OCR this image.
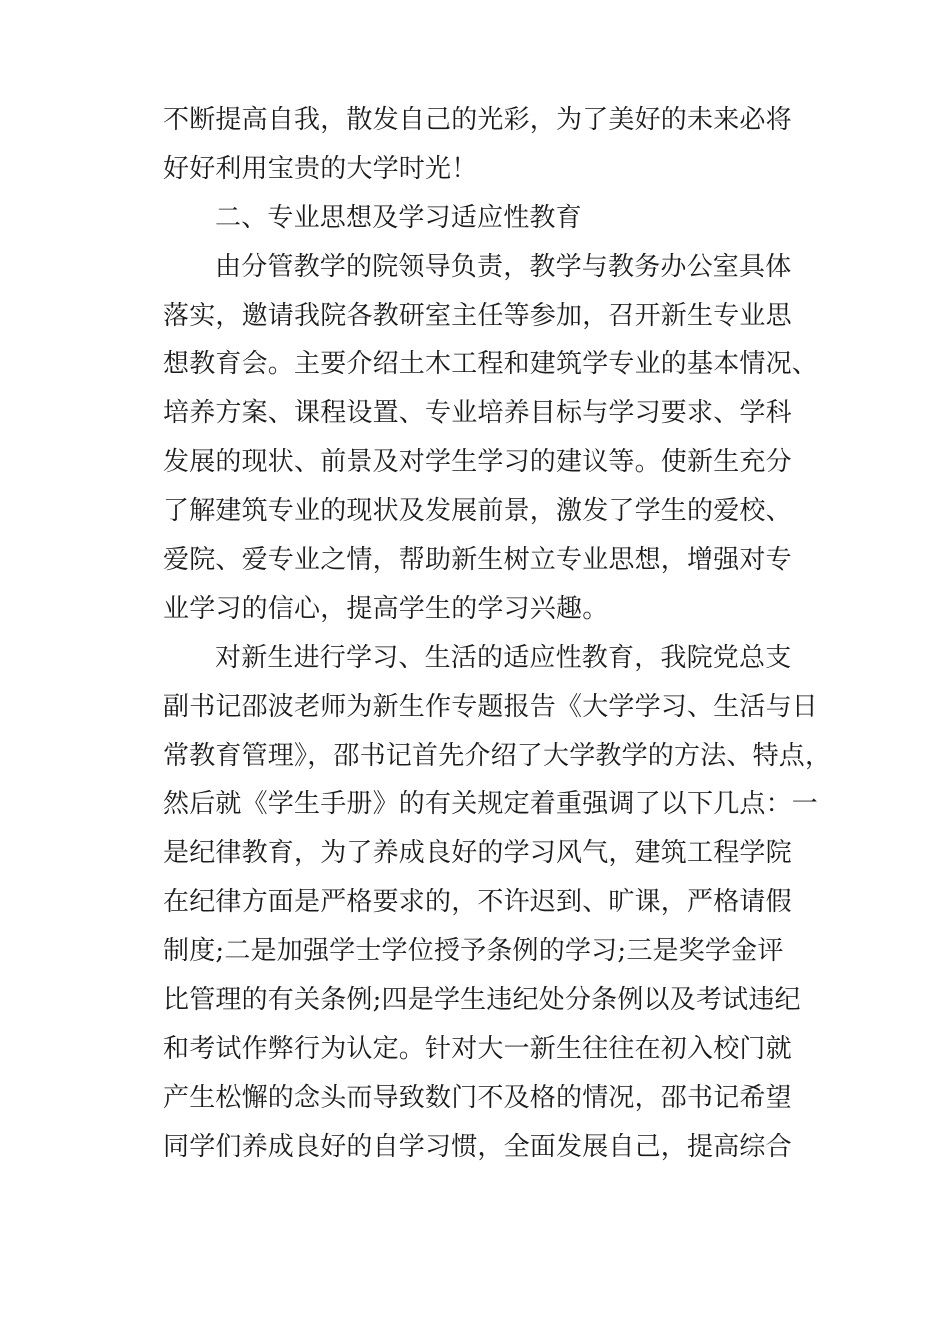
不断提高自我，散发自己的光彩，为了美好的未来必将
好好利用宝贵的大学时光！
二、专业思想及学习适应性教育
由分管教学的院领导负责，教学与教务办公室具体
落实，邀请我院各教研室主任等参加，召开新生专业思
想教育会。主要介绍土木工程和建筑学专业的基本情况、
培养方案、课程设置、专业培养目标与学习要求、学科
发展的现状、前景及对学生学习的建议等。使新生充分
了解建筑专业的现状及发展前景，激发了学生的爱校、
爱院、爱专业之情，帮助新生树立专业思想，增强对专
业学习的信心，提高学生的学习兴趣。
对新生进行学习、生活的适应性教育，我院党总支
副书记邵波老师为新生作专题报告《大学学习、生活与日
常教育管理》，邵书记首先介绍了大学教学的方法、特点，
然后就《学生手册》的有关规定着重强调了以下几点：一
是纪律教育，为了养成良好的学习风气，建筑工程学院
在纪律方面是严格要求的，不许迟到、旷课，严格请假
制度;二是加强学士学位授予条例的学习;三是奖学金评
比管理的有关条例;四是学生违纪处分条例以及考试违纪
和考试作弊行为认定。针对大一新生往往在初入校门就
产生松懈的念头而导致数门不及格的情况，邵书记希望
同学们养成良好的自学习惯，全面发展自己，提高综合
